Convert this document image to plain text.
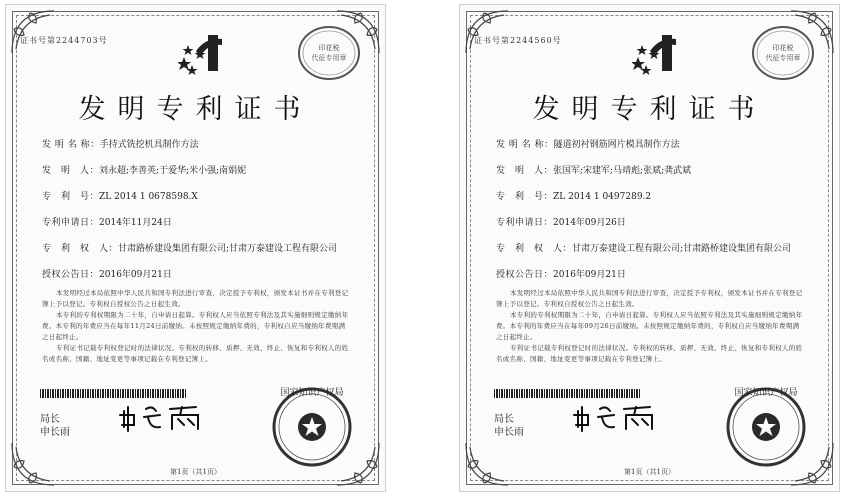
证书号第2244703号
印花税
代征专用章
发明专利证书
发 明 名 称：手持式铣挖机具制作方法
发　明　人：刘永超;李善英;于爱华;米小强;南娟妮
专　利　号：ZL 2014 1 0678598.X
专利申请日：2014年11月24日
专　利　权　人：甘肃路桥建设集团有限公司;甘肃万泰建设工程有限公司
授权公告日：2016年09月21日

本发明经过本局依照中华人民共和国专利法进行审查，决定授予专利权，颁发本证书并在专利登记簿上予以登记。专利权自授权公告之日起生效。

本专利的专利权期限为二十年，自申请日起算。专利权人应当依照专利法及其实施细则规定缴纳年费。本专利的年费应当在每年11月24日前缴纳。未按照规定缴纳年费的，专利权自应当缴纳年费期满之日起终止。

专利证书记载专利权登记时的法律状况。专利权的转移、质押、无效、终止、恢复和专利权人的姓名或名称、国籍、地址变更等事项记载在专利登记簿上。

局长
申长雨
国家知识产权局
第1页（共1页）
证书号第2244560号
印花税
代征专用章
发明专利证书
发 明 名 称：隧道初衬钢筋网片模具制作方法
发　明　人：张国军;宋建军;马靖彪;张斌;龚武斌
专　利　号：ZL 2014 1 0497289.2
专利申请日：2014年09月26日
专　利　权　人：甘肃万泰建设工程有限公司;甘肃路桥建设集团有限公司
授权公告日：2016年09月21日

本发明经过本局依照中华人民共和国专利法进行审查，决定授予专利权，颁发本证书并在专利登记簿上予以登记。专利权自授权公告之日起生效。

本专利的专利权期限为二十年，自申请日起算。专利权人应当依照专利法及其实施细则规定缴纳年费。本专利的年费应当在每年09月26日前缴纳。未按照规定缴纳年费的，专利权自应当缴纳年费期满之日起终止。

专利证书记载专利权登记时的法律状况。专利权的转移、质押、无效、终止、恢复和专利权人的姓名或名称、国籍、地址变更等事项记载在专利登记簿上。

局长
申长雨
国家知识产权局
第1页（共1页）
